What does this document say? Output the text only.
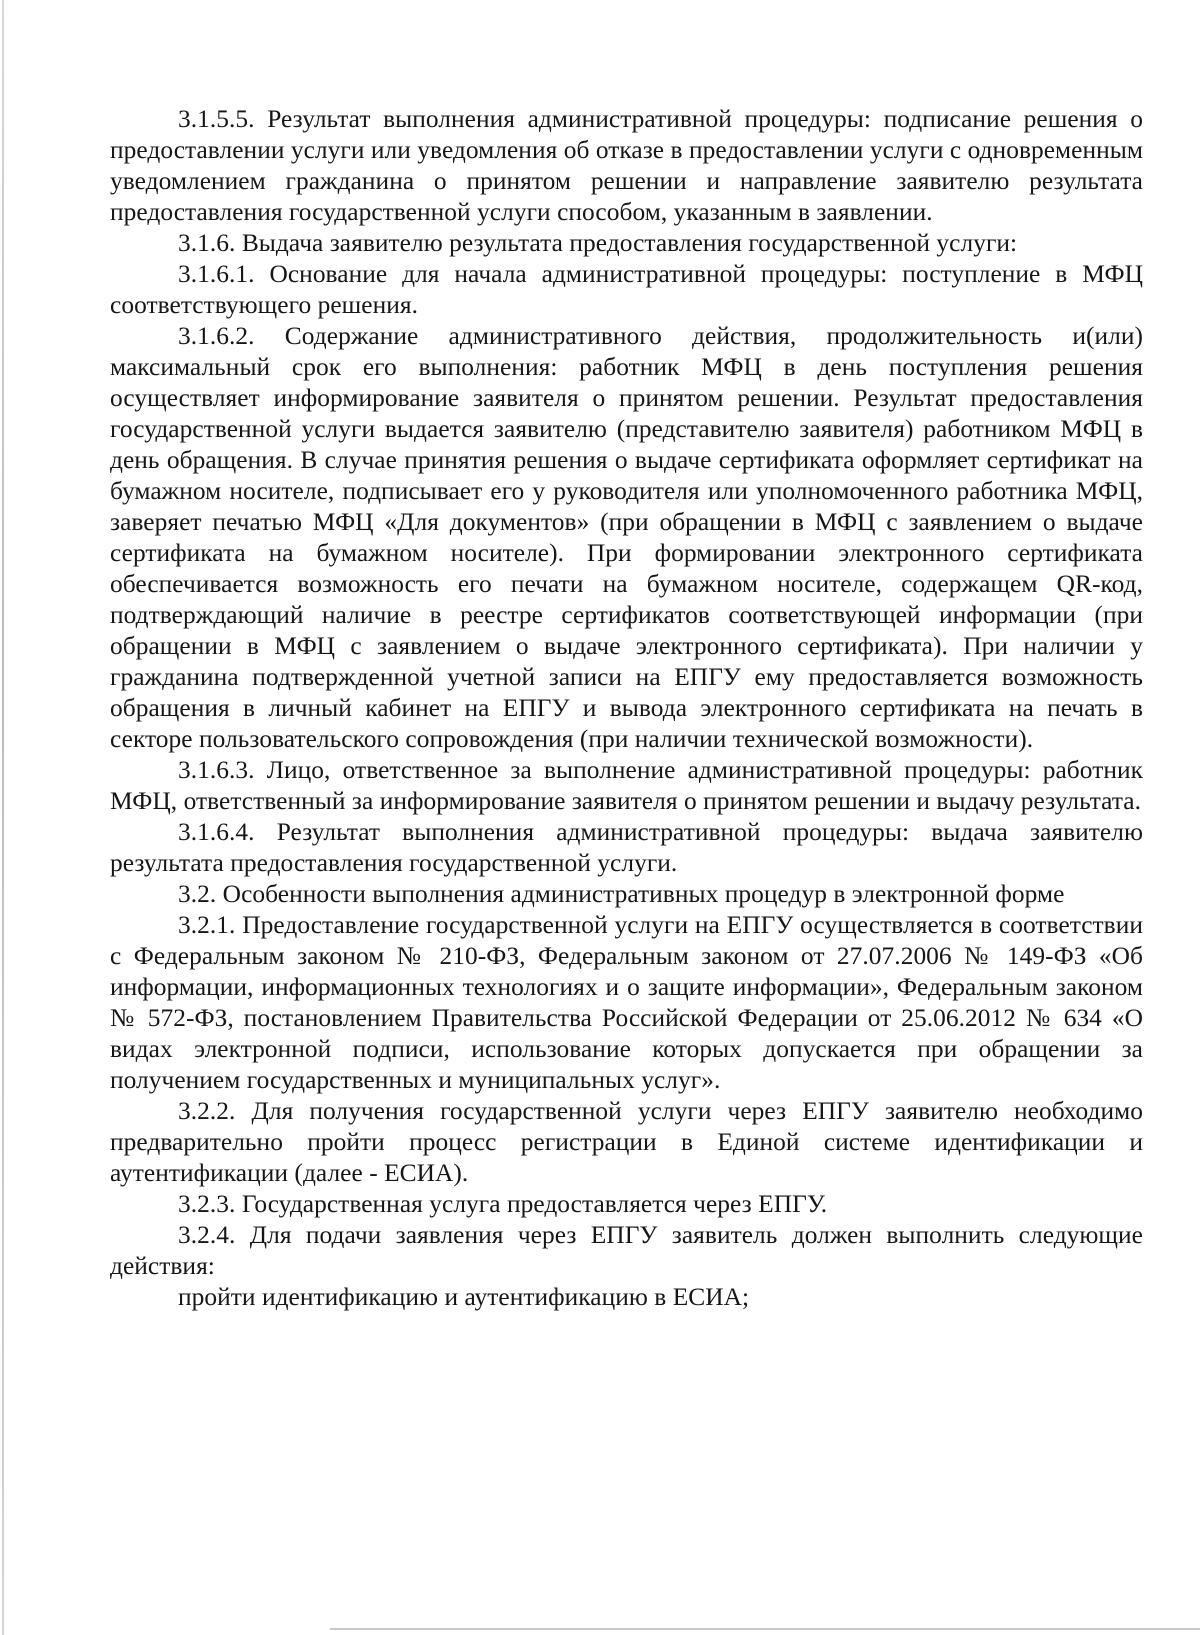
3.1.5.5. Результат выполнения административной процедуры: подписание решения о предоставлении услуги или уведомления об отказе в предоставлении услуги с одновременным уведомлением гражданина о принятом решении и направление заявителю результата предоставления государственной услуги способом, указанным в заявлении.

3.1.6. Выдача заявителю результата предоставления государственной услуги:

3.1.6.1. Основание для начала административной процедуры: поступление в МФЦ соответствующего решения.

3.1.6.2. Содержание административного действия, продолжительность и(или) максимальный срок его выполнения: работник МФЦ в день поступления решения осуществляет информирование заявителя о принятом решении. Результат предоставления государственной услуги выдается заявителю (представителю заявителя) работником МФЦ в день обращения. В случае принятия решения о выдаче сертификата оформляет сертификат на бумажном носителе, подписывает его у руководителя или уполномоченного работника МФЦ, заверяет печатью МФЦ «Для документов» (при обращении в МФЦ с заявлением о выдаче сертификата на бумажном носителе). При формировании электронного сертификата обеспечивается возможность его печати на бумажном носителе, содержащем QR-код, подтверждающий наличие в реестре сертификатов соответствующей информации (при обращении в МФЦ с заявлением о выдаче электронного сертификата). При наличии у гражданина подтвержденной учетной записи на ЕПГУ ему предоставляется возможность обращения в личный кабинет на ЕПГУ и вывода электронного сертификата на печать в секторе пользовательского сопровождения (при наличии технической возможности).

3.1.6.3. Лицо, ответственное за выполнение административной процедуры: работник МФЦ, ответственный за информирование заявителя о принятом решении и выдачу результата.

3.1.6.4. Результат выполнения административной процедуры: выдача заявителю результата предоставления государственной услуги.

3.2. Особенности выполнения административных процедур в электронной форме

3.2.1. Предоставление государственной услуги на ЕПГУ осуществляется в соответствии с Федеральным законом № 210-ФЗ, Федеральным законом от 27.07.2006 № 149-ФЗ «Об информации, информационных технологиях и о защите информации», Федеральным законом № 572-ФЗ, постановлением Правительства Российской Федерации от 25.06.2012 № 634 «О видах электронной подписи, использование которых допускается при обращении за получением государственных и муниципальных услуг».

3.2.2. Для получения государственной услуги через ЕПГУ заявителю необходимо предварительно пройти процесс регистрации в Единой системе идентификации и аутентификации (далее - ЕСИА).

3.2.3. Государственная услуга предоставляется через ЕПГУ.

3.2.4. Для подачи заявления через ЕПГУ заявитель должен выполнить следующие действия:

пройти идентификацию и аутентификацию в ЕСИА;
